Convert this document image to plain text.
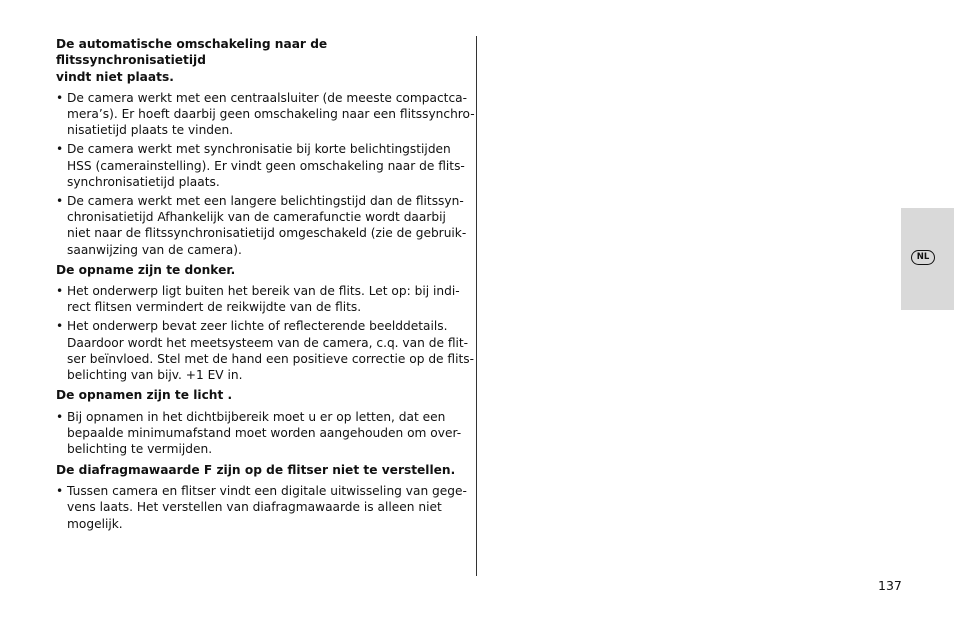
De automatische omschakeling naar de flitssynchronisatietijd
vindt niet plaats.

• De camera werkt met een centraalsluiter (de meeste compactca-
mera’s). Er hoeft daarbij geen omschakeling naar een flitssynchro-
nisatietijd plaats te vinden.
• De camera werkt met synchronisatie bij korte belichtingstijden
HSS (camerainstelling). Er vindt geen omschakeling naar de flits-
synchronisatietijd plaats.
• De camera werkt met een langere belichtingstijd dan de flitssyn-
chronisatietijd Afhankelijk van de camerafunctie wordt daarbij
niet naar de flitssynchronisatietijd omgeschakeld (zie de gebruik-
saanwijzing van de camera).

De opname zijn te donker.

• Het onderwerp ligt buiten het bereik van de flits. Let op: bij indi-
rect flitsen vermindert de reikwijdte van de flits.
• Het onderwerp bevat zeer lichte of reflecterende beelddetails.
Daardoor wordt het meetsysteem van de camera, c.q. van de flit-
ser beïnvloed. Stel met de hand een positieve correctie op de flits-
belichting van bijv. +1 EV in.

De opnamen zijn te licht .

• Bij opnamen in het dichtbijbereik moet u er op letten, dat een
bepaalde minimumafstand moet worden aangehouden om over-
belichting te vermijden.

De diafragmawaarde F zijn op de flitser niet te verstellen.

• Tussen camera en flitser vindt een digitale uitwisseling van gege-
vens laats. Het verstellen van diafragmawaarde is alleen niet
mogelijk.
NL
137
